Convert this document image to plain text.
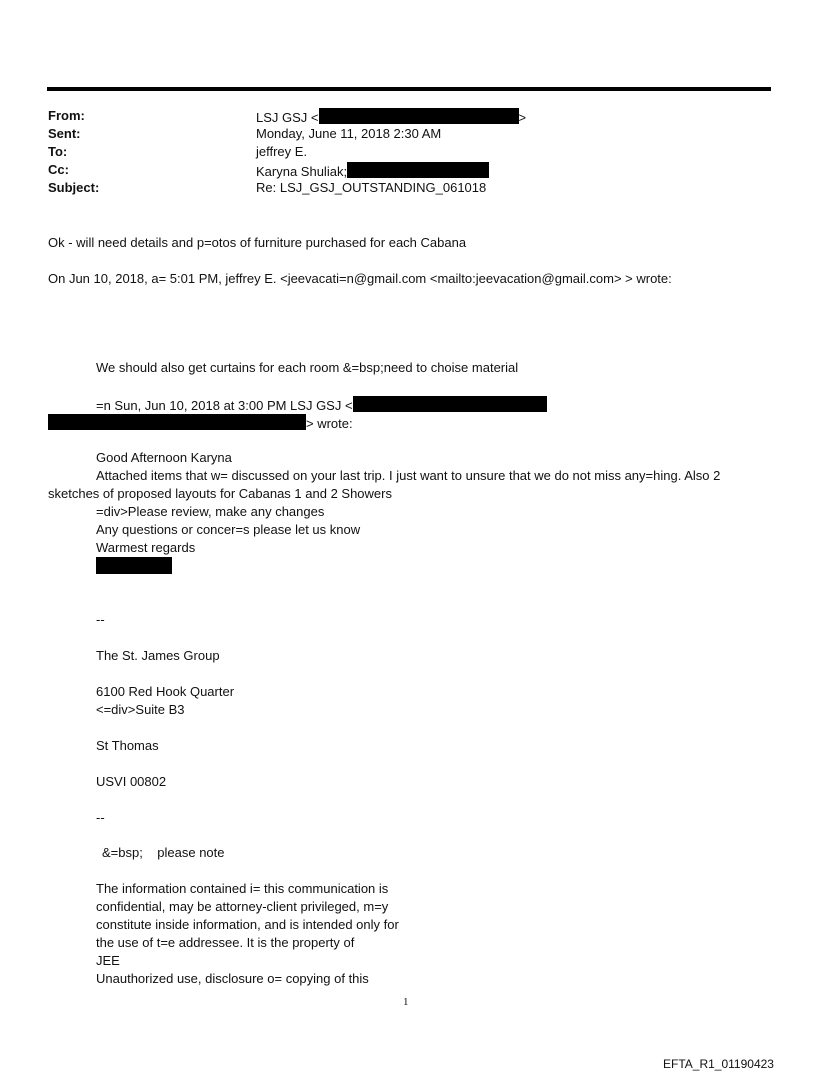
From:	LSJ GSJ <	>
Sent:	Monday, June 11, 2018 2:30 AM
To:	jeffrey E.
Cc:	Karyna Shuliak;
Subject:	Re: LSJ_GSJ_OUTSTANDING_061018
Ok - will need details and p=otos of furniture purchased for each Cabana
On Jun 10, 2018, a= 5:01 PM, jeffrey E. <jeevacati=n@gmail.com <mailto:jeevacation@gmail.com> > wrote:
We should also get curtains for each room &=bsp;need to choise material
=n Sun, Jun 10, 2018 at 3:00 PM LSJ GSJ <
> wrote:
Good Afternoon Karyna
Attached items that w= discussed on your last trip. I just want to unsure that we do not miss any=hing. Also 2
sketches of proposed layouts for Cabanas 1 and 2 Showers
=div>Please review, make any changes
Any questions or concer=s please let us know
Warmest regards
--
The St. James Group
6100 Red Hook Quarter
<=div>Suite B3
St Thomas
USVI 00802
--
&=bsp;    please note
The information contained i= this communication is
confidential, may be attorney-client privileged, m=y
constitute inside information, and is intended only for
the use of t=e addressee. It is the property of
JEE
Unauthorized use, disclosure o= copying of this
1
EFTA_R1_01190423
